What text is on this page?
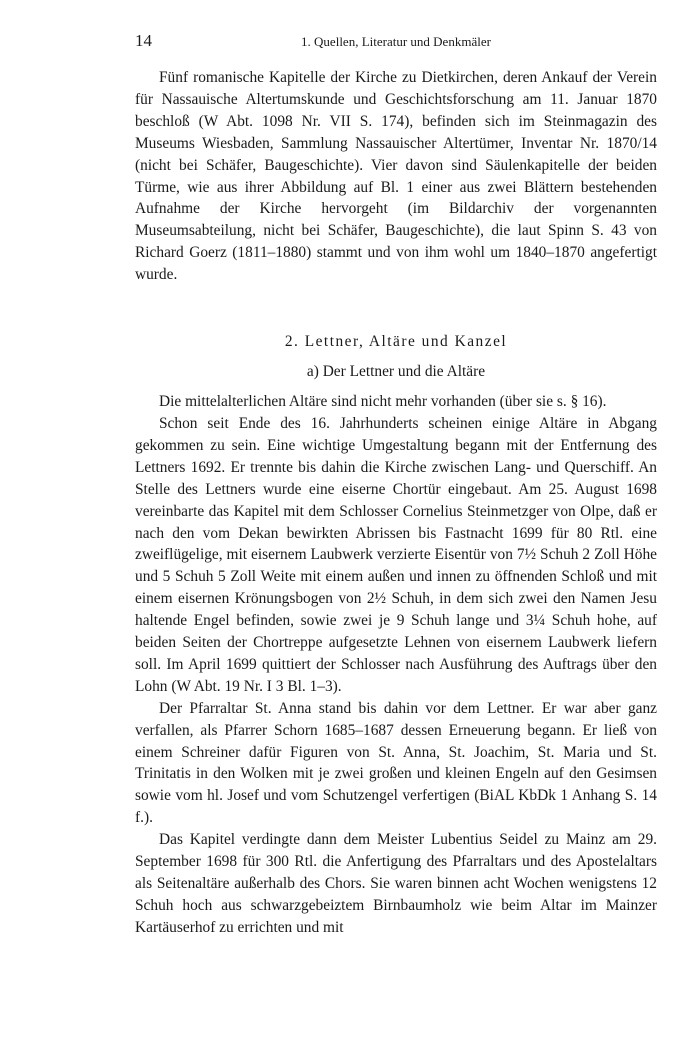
14	1. Quellen, Literatur und Denkmäler

Fünf romanische Kapitelle der Kirche zu Dietkirchen, deren Ankauf der Verein für Nassauische Altertumskunde und Geschichtsforschung am 11. Januar 1870 beschloß (W Abt. 1098 Nr. VII S. 174), befinden sich im Steinmagazin des Museums Wiesbaden, Sammlung Nassauischer Altertümer, Inventar Nr. 1870/14 (nicht bei Schäfer, Baugeschichte). Vier davon sind Säulenkapitelle der beiden Türme, wie aus ihrer Abbildung auf Bl. 1 einer aus zwei Blättern bestehenden Aufnahme der Kirche hervorgeht (im Bildarchiv der vorgenannten Museumsabteilung, nicht bei Schäfer, Baugeschichte), die laut Spinn S. 43 von Richard Goerz (1811–1880) stammt und von ihm wohl um 1840–1870 angefertigt wurde.

2. Lettner, Altäre und Kanzel
a) Der Lettner und die Altäre

Die mittelalterlichen Altäre sind nicht mehr vorhanden (über sie s. § 16).

Schon seit Ende des 16. Jahrhunderts scheinen einige Altäre in Abgang gekommen zu sein. Eine wichtige Umgestaltung begann mit der Entfernung des Lettners 1692. Er trennte bis dahin die Kirche zwischen Lang- und Querschiff. An Stelle des Lettners wurde eine eiserne Chortür eingebaut. Am 25. August 1698 vereinbarte das Kapitel mit dem Schlosser Cornelius Steinmetzger von Olpe, daß er nach den vom Dekan bewirkten Abrissen bis Fastnacht 1699 für 80 Rtl. eine zweiflügelige, mit eisernem Laubwerk verzierte Eisentür von 7½ Schuh 2 Zoll Höhe und 5 Schuh 5 Zoll Weite mit einem außen und innen zu öffnenden Schloß und mit einem eisernen Krönungsbogen von 2½ Schuh, in dem sich zwei den Namen Jesu haltende Engel befinden, sowie zwei je 9 Schuh lange und 3¼ Schuh hohe, auf beiden Seiten der Chortreppe aufgesetzte Lehnen von eisernem Laubwerk liefern soll. Im April 1699 quittiert der Schlosser nach Ausführung des Auftrags über den Lohn (W Abt. 19 Nr. I 3 Bl. 1–3).

Der Pfarraltar St. Anna stand bis dahin vor dem Lettner. Er war aber ganz verfallen, als Pfarrer Schorn 1685–1687 dessen Erneuerung begann. Er ließ von einem Schreiner dafür Figuren von St. Anna, St. Joachim, St. Maria und St. Trinitatis in den Wolken mit je zwei großen und kleinen Engeln auf den Gesimsen sowie vom hl. Josef und vom Schutzengel verfertigen (BiAL KbDk 1 Anhang S. 14 f.).

Das Kapitel verdingte dann dem Meister Lubentius Seidel zu Mainz am 29. September 1698 für 300 Rtl. die Anfertigung des Pfarraltars und des Apostelaltars als Seitenaltäre außerhalb des Chors. Sie waren binnen acht Wochen wenigstens 12 Schuh hoch aus schwarzgebeiztem Birnbaumholz wie beim Altar im Mainzer Kartäuserhof zu errichten und mit
